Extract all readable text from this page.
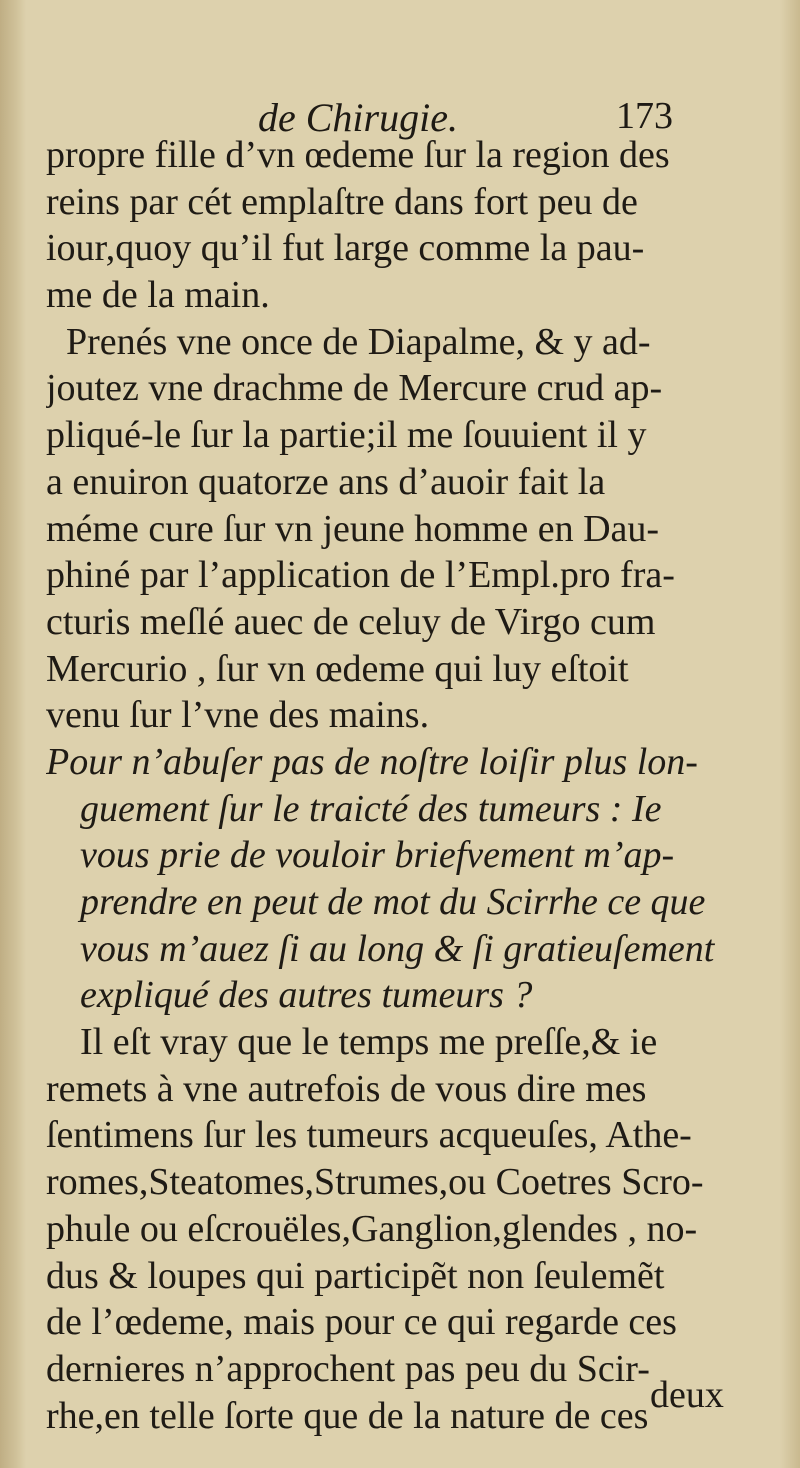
de Chirugie.	173
propre fille d’vn œdeme ſur la region des
reins par cét emplaſtre dans fort peu de
iour,quoy qu’il fut large comme la pau-
me de la main.
Prenés vne once de Diapalme, & y ad-
joutez vne drachme de Mercure crud ap-
pliqué-le ſur la partie;il me ſouuient il y
a enuiron quatorze ans d’auoir fait la
méme cure ſur vn jeune homme en Dau-
phiné par l’application de l’Empl.pro fra-
cturis meſlé auec de celuy de Virgo cum
Mercurio , ſur vn œdeme qui luy eſtoit
venu ſur l’vne des mains.
Pour n’abuſer pas de noſtre loiſir plus lon-
guement ſur le traicté des tumeurs : Ie
vous prie de vouloir briefvement m’ap-
prendre en peut de mot du Scirrhe ce que
vous m’auez ſi au long & ſi gratieuſement
expliqué des autres tumeurs ?
Il eſt vray que le temps me preſſe,& ie
remets à vne autrefois de vous dire mes
ſentimens ſur les tumeurs acqueuſes, Athe-
romes,Steatomes,Strumes,ou Coetres Scro-
phule ou eſcrouëles,Ganglion,glendes , no-
dus & loupes qui participẽt non ſeulemẽt
de l’œdeme, mais pour ce qui regarde ces
dernieres n’approchent pas peu du Scir-
rhe,en telle ſorte que de la nature de ces deux
